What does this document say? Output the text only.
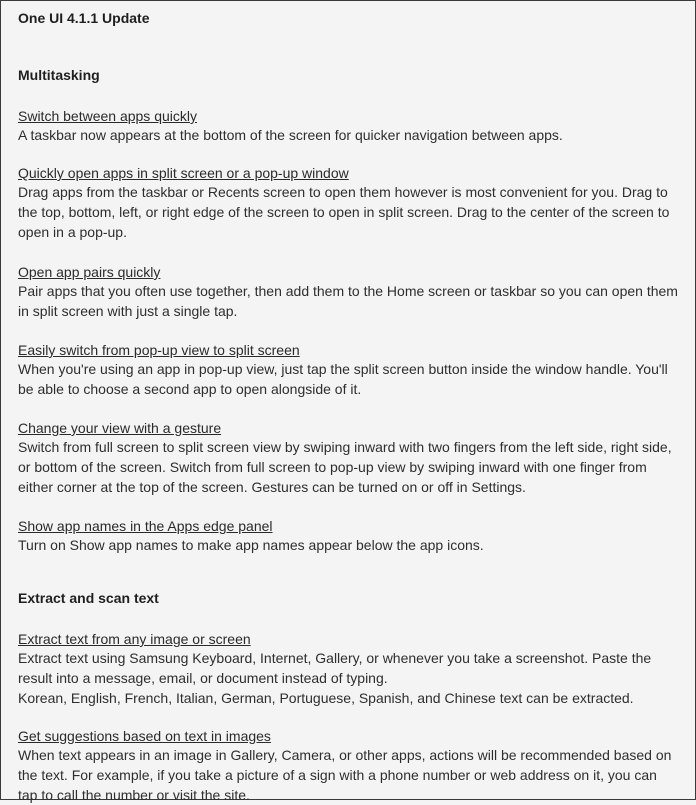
One UI 4.1.1 Update
Multitasking
Switch between apps quickly
A taskbar now appears at the bottom of the screen for quicker navigation between apps.
Quickly open apps in split screen or a pop-up window
Drag apps from the taskbar or Recents screen to open them however is most convenient for you. Drag to the top, bottom, left, or right edge of the screen to open in split screen. Drag to the center of the screen to open in a pop-up.
Open app pairs quickly
Pair apps that you often use together, then add them to the Home screen or taskbar so you can open them in split screen with just a single tap.
Easily switch from pop-up view to split screen
When you're using an app in pop-up view, just tap the split screen button inside the window handle. You'll be able to choose a second app to open alongside of it.
Change your view with a gesture
Switch from full screen to split screen view by swiping inward with two fingers from the left side, right side, or bottom of the screen. Switch from full screen to pop-up view by swiping inward with one finger from either corner at the top of the screen. Gestures can be turned on or off in Settings.
Show app names in the Apps edge panel
Turn on Show app names to make app names appear below the app icons.
Extract and scan text
Extract text from any image or screen
Extract text using Samsung Keyboard, Internet, Gallery, or whenever you take a screenshot. Paste the result into a message, email, or document instead of typing.
Korean, English, French, Italian, German, Portuguese, Spanish, and Chinese text can be extracted.
Get suggestions based on text in images
When text appears in an image in Gallery, Camera, or other apps, actions will be recommended based on the text. For example, if you take a picture of a sign with a phone number or web address on it, you can tap to call the number or visit the site.
